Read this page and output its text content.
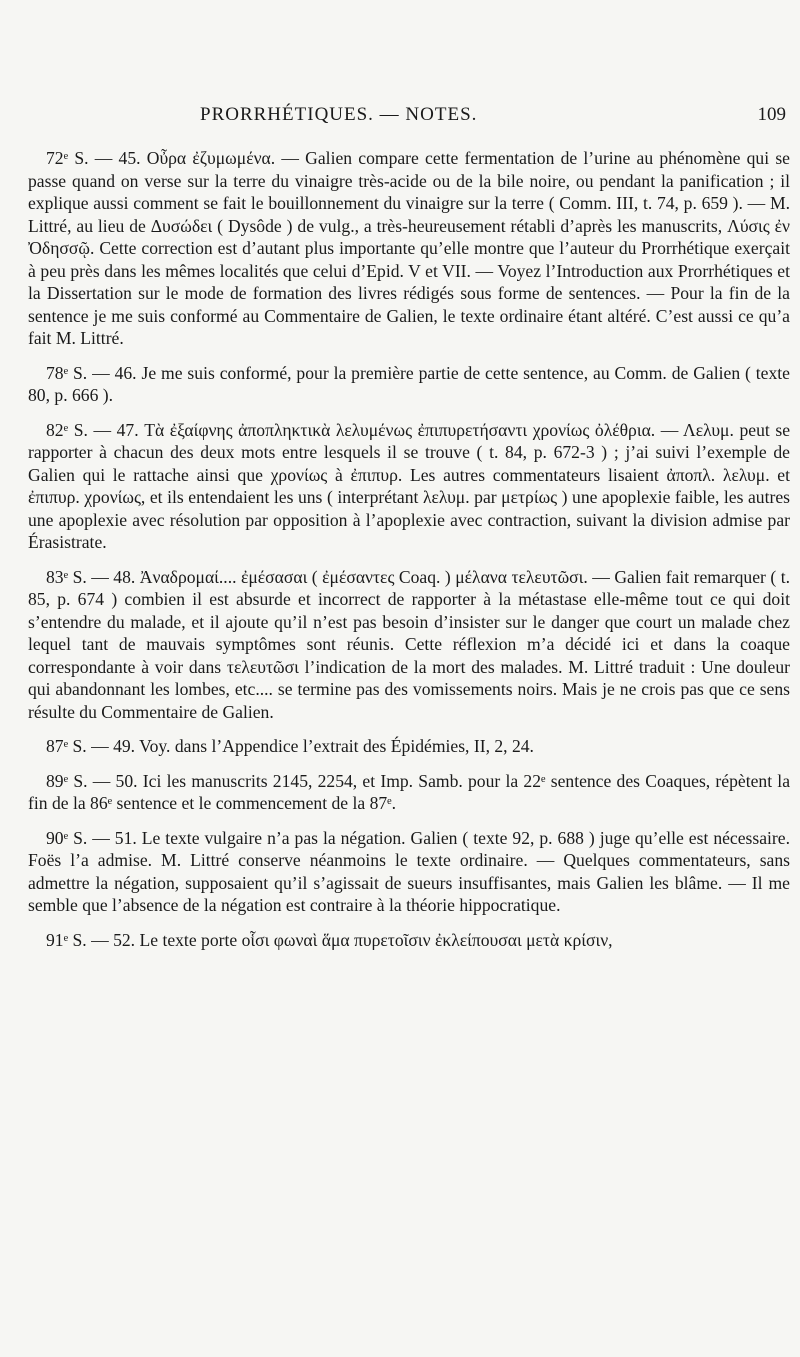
PRORRHÉTIQUES. — NOTES.	109

72ᵉ S. — 45. Οὖρα ἐζυμωμένα. — Galien compare cette fermentation de l’urine au phénomène qui se passe quand on verse sur la terre du vinaigre très-acide ou de la bile noire, ou pendant la panification ; il explique aussi comment se fait le bouillonnement du vinaigre sur la terre ( Comm. III, t. 74, p. 659 ). — M. Littré, au lieu de Δυσώδει ( Dysôde ) de vulg., a très-heureusement rétabli d’après les manuscrits, Λύσις ἐν Ὀδησσῷ. Cette correction est d’autant plus importante qu’elle montre que l’auteur du Prorrhétique exerçait à peu près dans les mêmes localités que celui d’Epid. V et VII. — Voyez l’Introduction aux Prorrhétiques et la Dissertation sur le mode de formation des livres rédigés sous forme de sentences. — Pour la fin de la sentence je me suis conformé au Commentaire de Galien, le texte ordinaire étant altéré. C’est aussi ce qu’a fait M. Littré.

78ᵉ S. — 46. Je me suis conformé, pour la première partie de cette sentence, au Comm. de Galien ( texte 80, p. 666 ).

82ᵉ S. — 47. Τὰ ἐξαίφνης ἀποπληκτικὰ λελυμένως ἐπιπυρετήσαντι χρονίως ὀλέθρια. — Λελυμ. peut se rapporter à chacun des deux mots entre lesquels il se trouve ( t. 84, p. 672-3 ) ; j’ai suivi l’exemple de Galien qui le rattache ainsi que χρονίως à ἐπιπυρ. Les autres commentateurs lisaient ἀποπλ. λελυμ. et ἐπιπυρ. χρονίως, et ils entendaient les uns ( interprétant λελυμ. par μετρίως ) une apoplexie faible, les autres une apoplexie avec résolution par opposition à l’apoplexie avec contraction, suivant la division admise par Érasistrate.

83ᵉ S. — 48. Ἀναδρομαί.... ἐμέσασαι ( ἐμέσαντες Coaq. ) μέλανα τελευτῶσι. — Galien fait remarquer ( t. 85, p. 674 ) combien il est absurde et incorrect de rapporter à la métastase elle-même tout ce qui doit s’entendre du malade, et il ajoute qu’il n’est pas besoin d’insister sur le danger que court un malade chez lequel tant de mauvais symptômes sont réunis. Cette réflexion m’a décidé ici et dans la coaque correspondante à voir dans τελευτῶσι l’indication de la mort des malades. M. Littré traduit : Une douleur qui abandonnant les lombes, etc.... se termine pas des vomissements noirs. Mais je ne crois pas que ce sens résulte du Commentaire de Galien.

87ᵉ S. — 49. Voy. dans l’Appendice l’extrait des Épidémies, II, 2, 24.

89ᵉ S. — 50. Ici les manuscrits 2145, 2254, et Imp. Samb. pour la 22ᵉ sentence des Coaques, répètent la fin de la 86ᵉ sentence et le commencement de la 87ᵉ.

90ᵉ S. — 51. Le texte vulgaire n’a pas la négation. Galien ( texte 92, p. 688 ) juge qu’elle est nécessaire. Foës l’a admise. M. Littré conserve néanmoins le texte ordinaire. — Quelques commentateurs, sans admettre la négation, supposaient qu’il s’agissait de sueurs insuffisantes, mais Galien les blâme. — Il me semble que l’absence de la négation est contraire à la théorie hippocratique.

91ᵉ S. — 52. Le texte porte οἷσι φωναὶ ἅμα πυρετοῖσιν ἐκλείπουσαι μετὰ κρίσιν,
